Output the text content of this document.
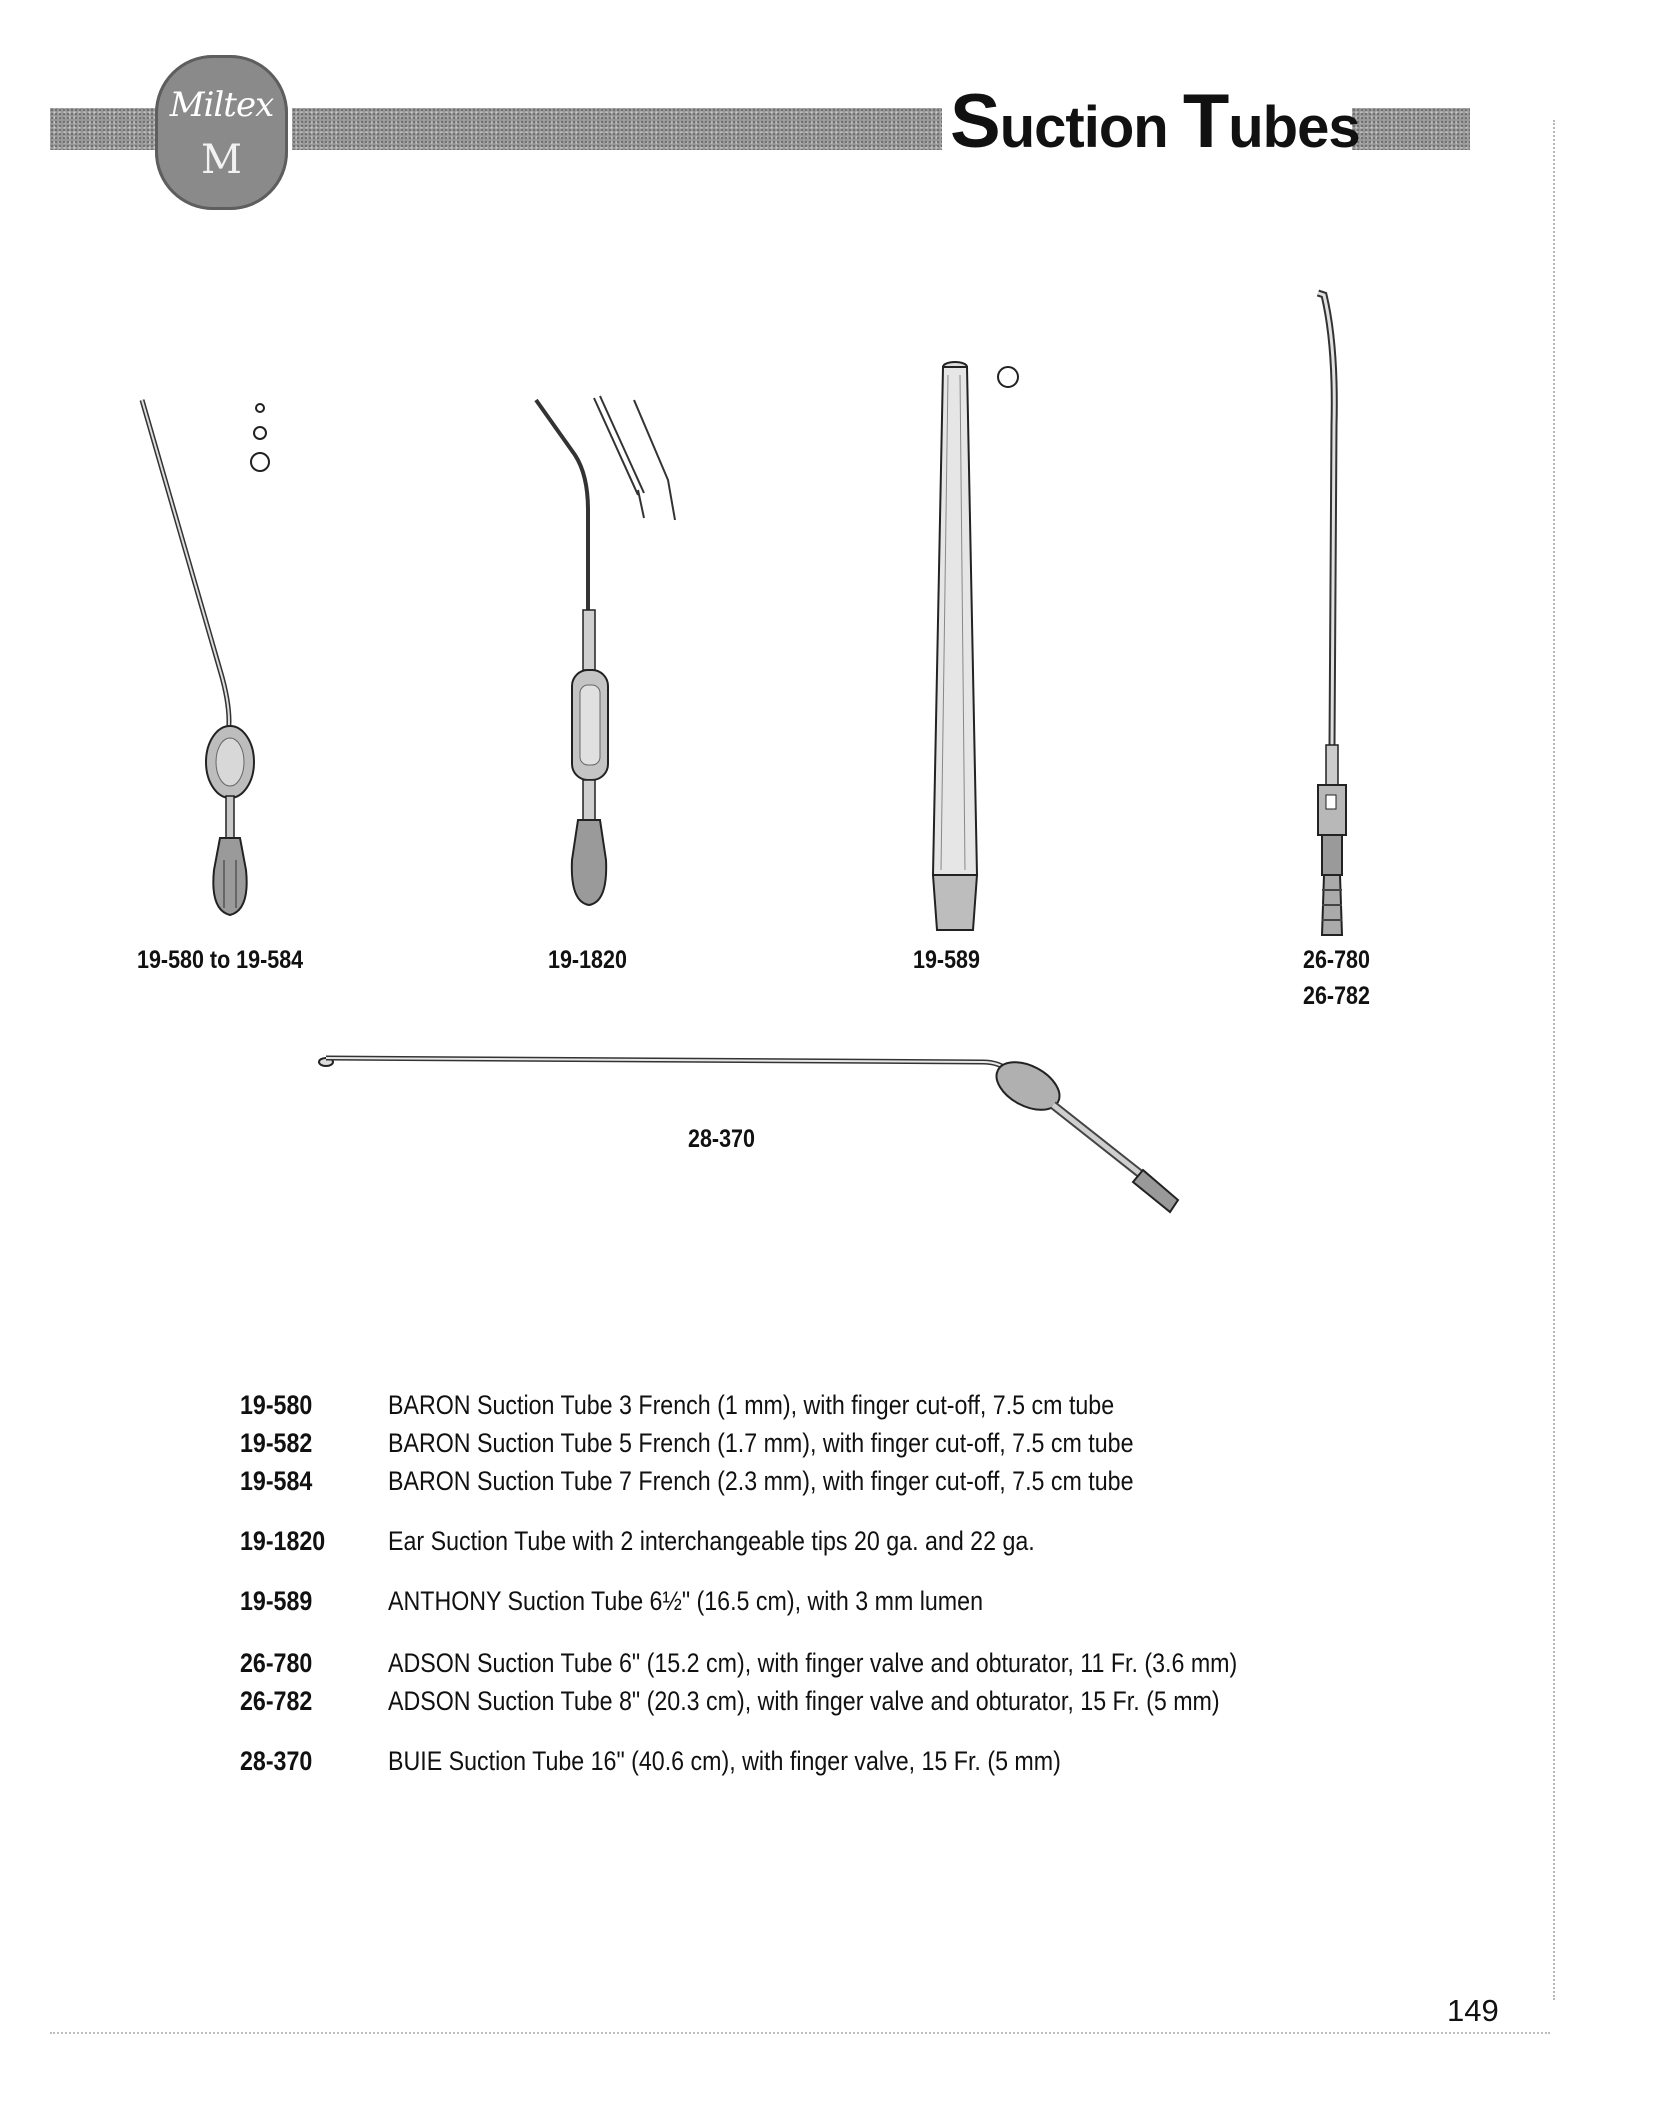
Miltex
M	Suction Tubes
19-580 to 19-584	19-1820	19-589	26-780
26-782
28-370
19-580	BARON Suction Tube 3 French (1 mm), with finger cut-off, 7.5 cm tube
19-582	BARON Suction Tube 5 French (1.7 mm), with finger cut-off, 7.5 cm tube
19-584	BARON Suction Tube 7 French (2.3 mm), with finger cut-off, 7.5 cm tube
19-1820 Ear Suction Tube with 2 interchangeable tips 20 ga. and 22 ga.
19-589	ANTHONY Suction Tube 6½" (16.5 cm), with 3 mm lumen
26-780	ADSON Suction Tube 6" (15.2 cm), with finger valve and obturator, 11 Fr. (3.6 mm)
26-782	ADSON Suction Tube 8" (20.3 cm), with finger valve and obturator, 15 Fr. (5 mm)
28-370	BUIE Suction Tube 16" (40.6 cm), with finger valve, 15 Fr. (5 mm)
149
